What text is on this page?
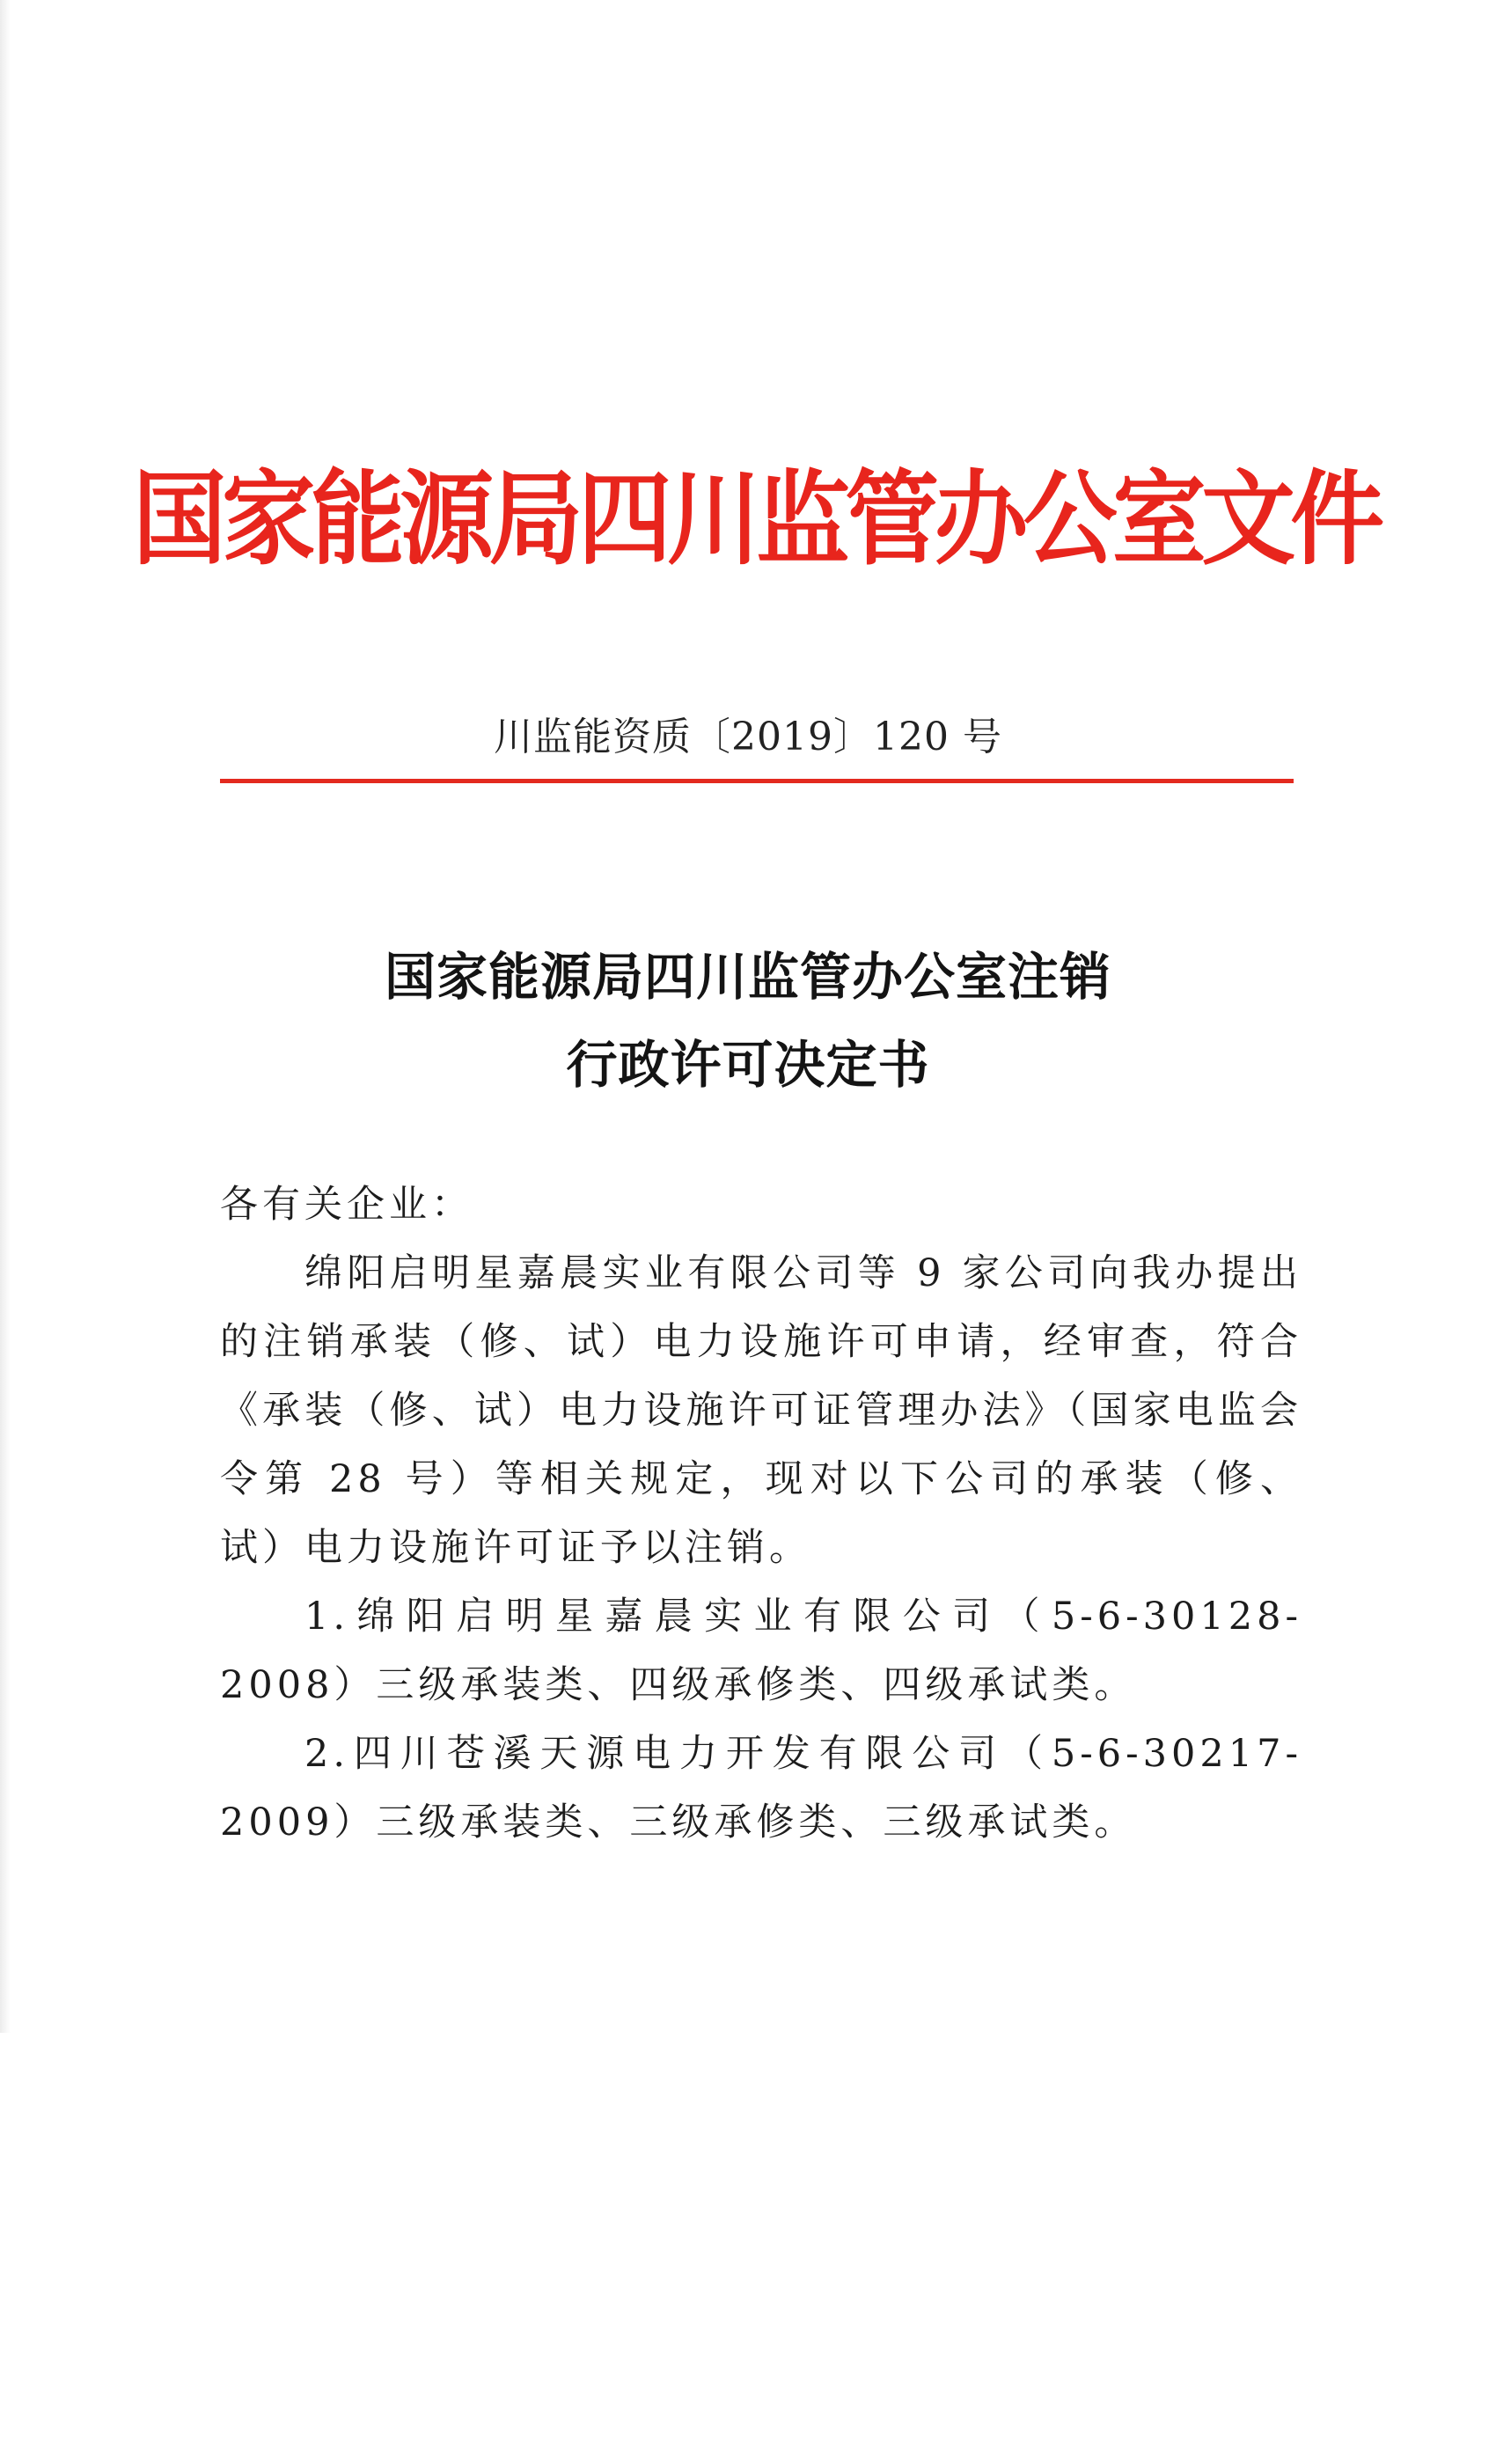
国家能源局四川监管办公室文件
川监能资质〔2019〕120 号
国家能源局四川监管办公室注销
行政许可决定书

各有关企业：

绵阳启明星嘉晨实业有限公司等 9 家公司向我办提出的注销承装（修、试）电力设施许可申请，经审查，符合《承装（修、试）电力设施许可证管理办法》（国家电监会令第 28 号）等相关规定，现对以下公司的承装（修、试）电力设施许可证予以注销。

1.绵阳启明星嘉晨实业有限公司（5-6-30128-2008）三级承装类、四级承修类、四级承试类。

2.四川苍溪天源电力开发有限公司（5-6-30217-2009）三级承装类、三级承修类、三级承试类。
